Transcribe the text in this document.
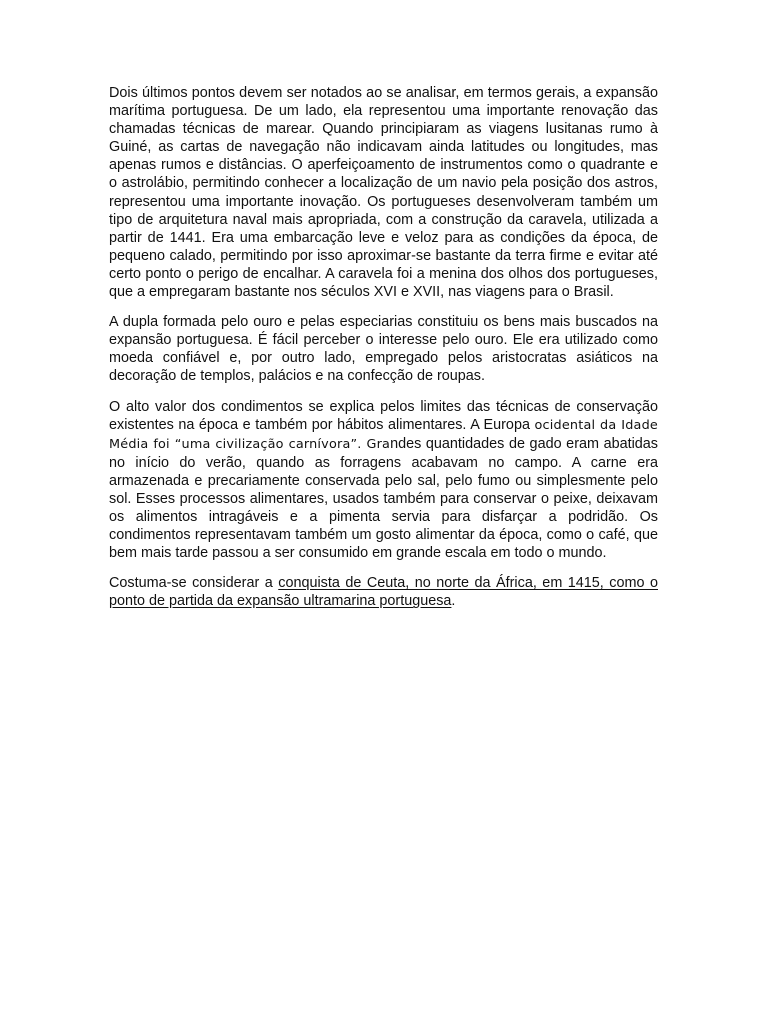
Dois últimos pontos devem ser notados ao se analisar, em termos gerais, a expansão marítima portuguesa. De um lado, ela representou uma importante renovação das chamadas técnicas de marear. Quando principiaram as viagens lusitanas rumo à Guiné, as cartas de navegação não indicavam ainda latitudes ou longitudes, mas apenas rumos e distâncias. O aperfeiçoamento de instrumentos como o quadrante e o astrolábio, permitindo conhecer a localização de um navio pela posição dos astros, representou uma importante inovação. Os portugueses desenvolveram também um tipo de arquitetura naval mais apropriada, com a construção da caravela, utilizada a partir de 1441. Era uma embarcação leve e veloz para as condições da época, de pequeno calado, permitindo por isso aproximar-se bastante da terra firme e evitar até certo ponto o perigo de encalhar. A caravela foi a menina dos olhos dos portugueses, que a empregaram bastante nos séculos XVI e XVII, nas viagens para o Brasil.

A dupla formada pelo ouro e pelas especiarias constituiu os bens mais buscados na expansão portuguesa. É fácil perceber o interesse pelo ouro. Ele era utilizado como moeda confiável e, por outro lado, empregado pelos aristocratas asiáticos na decoração de templos, palácios e na confecção de roupas.

O alto valor dos condimentos se explica pelos limites das técnicas de conservação existentes na época e também por hábitos alimentares. A Europa ocidental da Idade Média foi “uma civilização carnívora”. Grandes quantidades de gado eram abatidas no início do verão, quando as forragens acabavam no campo. A carne era armazenada e precariamente conservada pelo sal, pelo fumo ou simplesmente pelo sol. Esses processos alimentares, usados também para conservar o peixe, deixavam os alimentos intragáveis e a pimenta servia para disfarçar a podridão. Os condimentos representavam também um gosto alimentar da época, como o café, que bem mais tarde passou a ser consumido em grande escala em todo o mundo.

Costuma-se considerar a conquista de Ceuta, no norte da África, em 1415, como o ponto de partida da expansão ultramarina portuguesa.
